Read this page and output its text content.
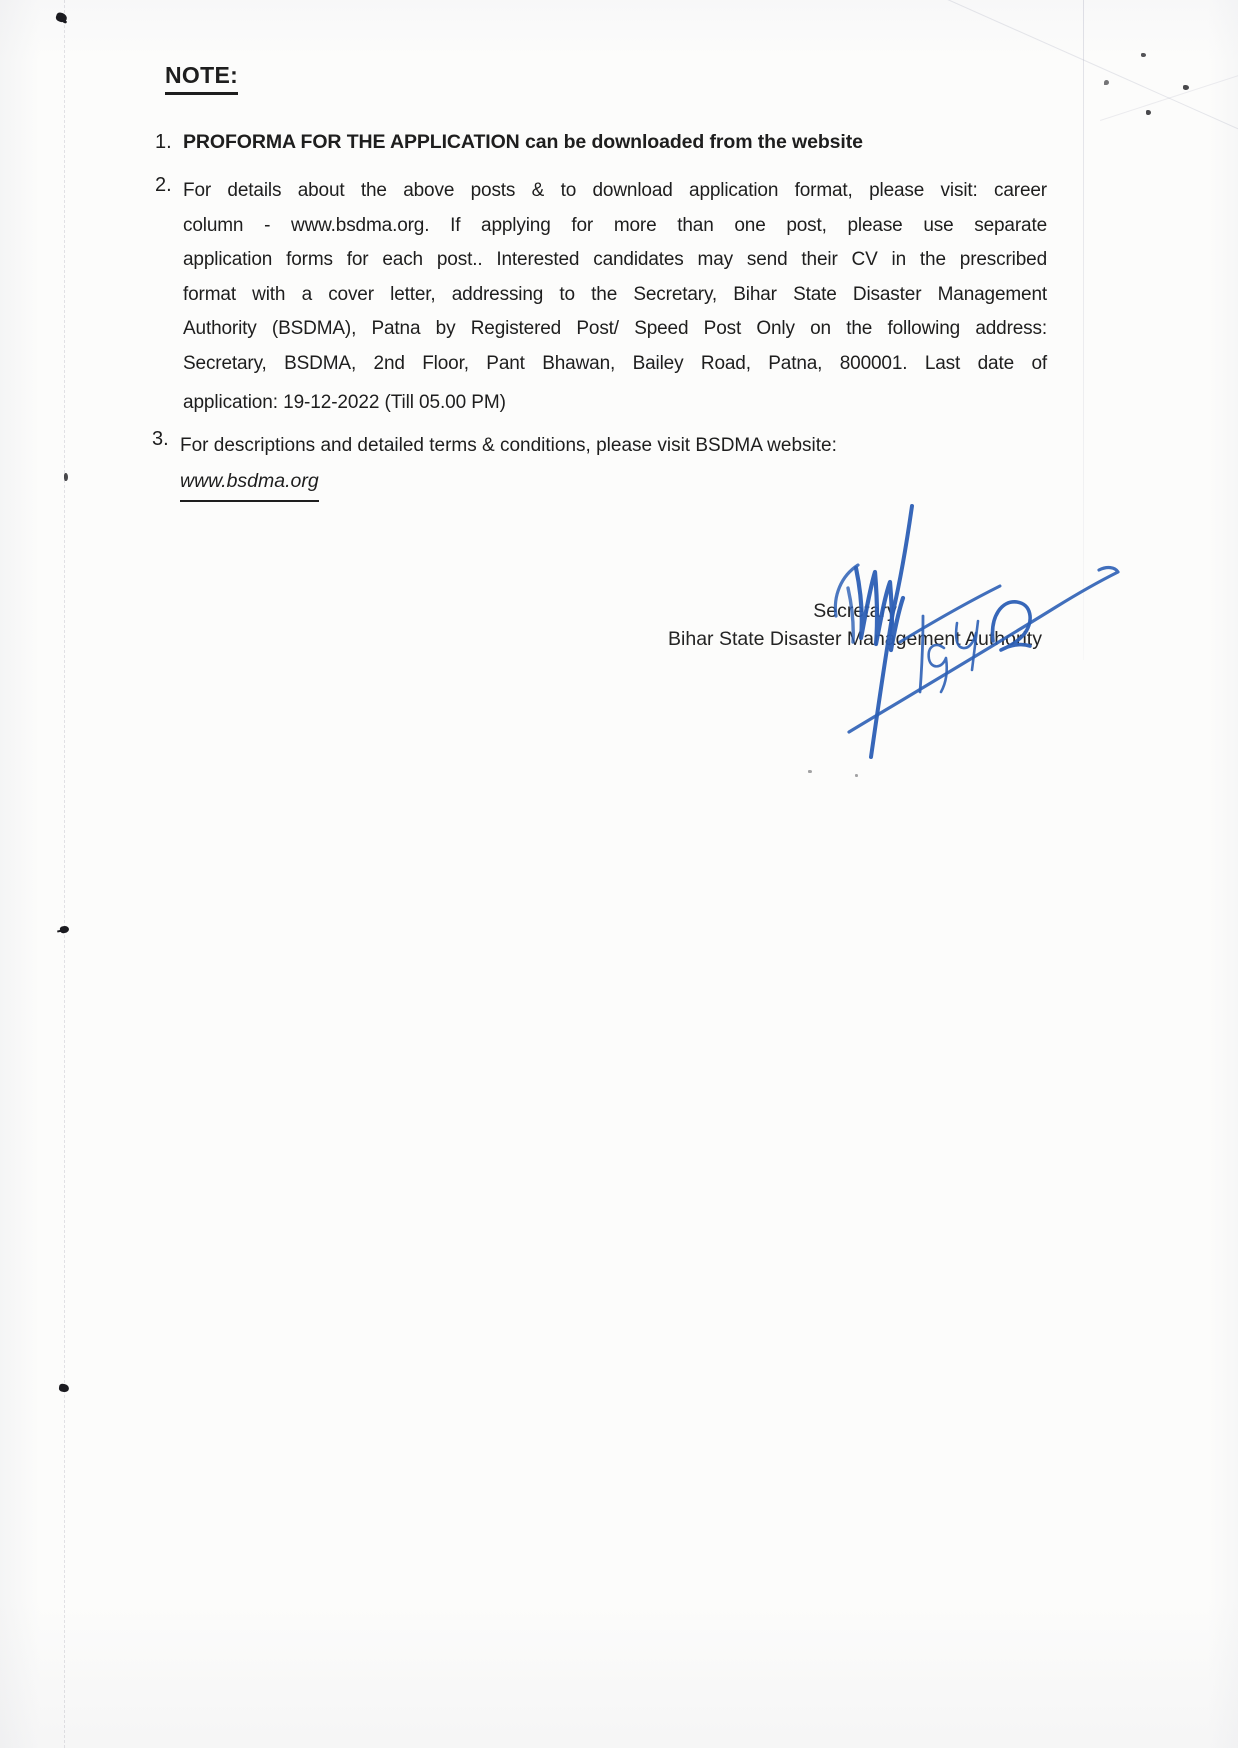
NOTE:
1. PROFORMA FOR THE APPLICATION can be downloaded from the website
2. For details about the above posts & to download application format, please visit: career
column - www.bsdma.org. If applying for more than one post, please use separate
application forms for each post.. Interested candidates may send their CV in the prescribed
format with a cover letter, addressing to the Secretary, Bihar State Disaster Management
Authority (BSDMA), Patna by Registered Post/ Speed Post Only on the following address:
Secretary, BSDMA, 2nd Floor, Pant Bhawan, Bailey Road, Patna, 800001. Last date of
application: 19-12-2022 (Till 05.00 PM)
3. For descriptions and detailed terms & conditions, please visit BSDMA website:
www.bsdma.org
Secretary
Bihar State Disaster Management Authority
